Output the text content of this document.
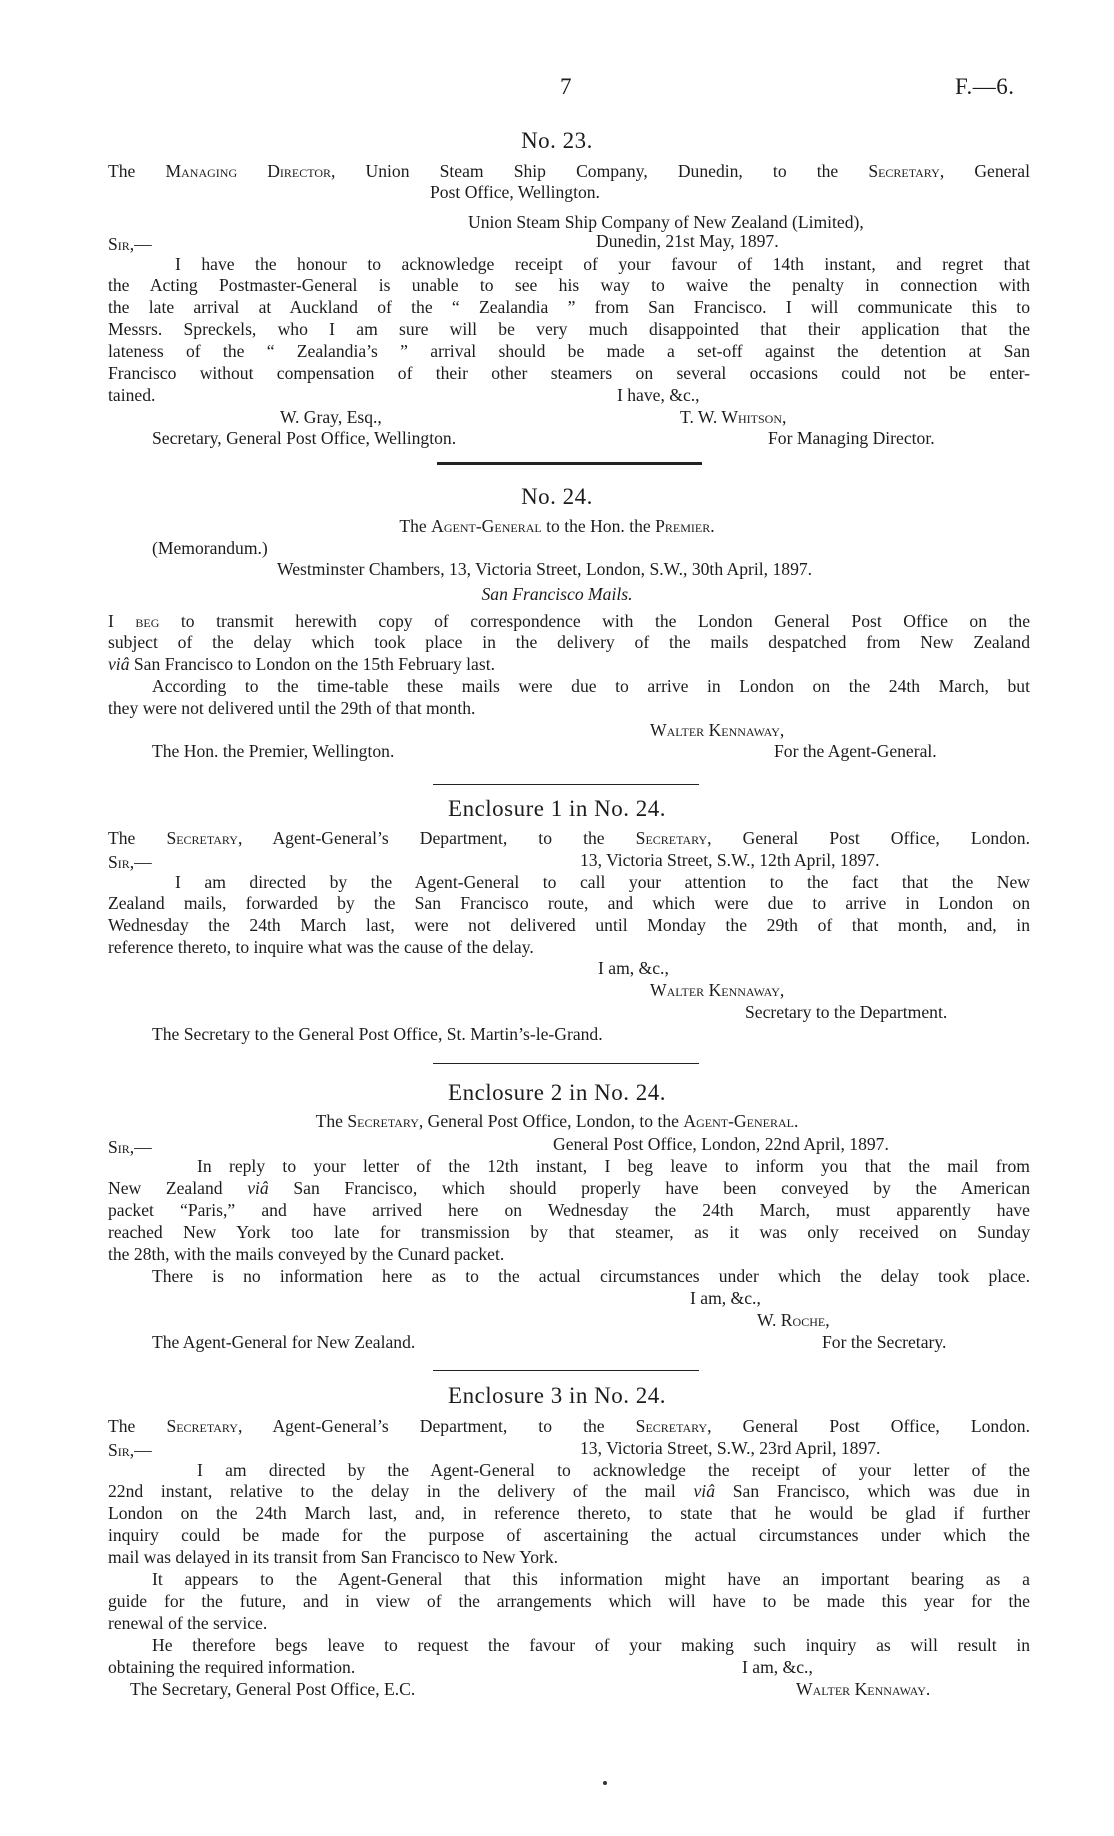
7	F.—6.
No. 23.
The Managing Director, Union Steam Ship Company, Dunedin, to the Secretary, General
Post Office, Wellington.
Union Steam Ship Company of New Zealand (Limited),
Sir,—	Dunedin, 21st May, 1897.
I have the honour to acknowledge receipt of your favour of 14th instant, and regret that
the Acting Postmaster-General is unable to see his way to waive the penalty in connection with
the late arrival at Auckland of the “ Zealandia ” from San Francisco. I will communicate this to
Messrs. Spreckels, who I am sure will be very much disappointed that their application that the
lateness of the “ Zealandia’s ” arrival should be made a set-off against the detention at San
Francisco without compensation of their other steamers on several occasions could not be enter-
tained.	I have, &c.,
W. Gray, Esq.,	T. W. Whitson,
Secretary, General Post Office, Wellington.	For Managing Director.
No. 24.
The Agent-General to the Hon. the Premier.
(Memorandum.)
Westminster Chambers, 13, Victoria Street, London, S.W., 30th April, 1897.
San Francisco Mails.
I beg to transmit herewith copy of correspondence with the London General Post Office on the
subject of the delay which took place in the delivery of the mails despatched from New Zealand
viâ San Francisco to London on the 15th February last.
According to the time-table these mails were due to arrive in London on the 24th March, but
they were not delivered until the 29th of that month.
Walter Kennaway,
The Hon. the Premier, Wellington.	For the Agent-General.
Enclosure 1 in No. 24.
The Secretary, Agent-General’s Department, to the Secretary, General Post Office, London.
Sir,—	13, Victoria Street, S.W., 12th April, 1897.
I am directed by the Agent-General to call your attention to the fact that the New
Zealand mails, forwarded by the San Francisco route, and which were due to arrive in London on
Wednesday the 24th March last, were not delivered until Monday the 29th of that month, and, in
reference thereto, to inquire what was the cause of the delay.
I am, &c.,
Walter Kennaway,
Secretary to the Department.
The Secretary to the General Post Office, St. Martin’s-le-Grand.
Enclosure 2 in No. 24.
The Secretary, General Post Office, London, to the Agent-General.
Sir,—	General Post Office, London, 22nd April, 1897.
In reply to your letter of the 12th instant, I beg leave to inform you that the mail from
New Zealand viâ San Francisco, which should properly have been conveyed by the American
packet “Paris,” and have arrived here on Wednesday the 24th March, must apparently have
reached New York too late for transmission by that steamer, as it was only received on Sunday
the 28th, with the mails conveyed by the Cunard packet.
There is no information here as to the actual circumstances under which the delay took place.
I am, &c.,
W. Roche,
The Agent-General for New Zealand.	For the Secretary.
Enclosure 3 in No. 24.
The Secretary, Agent-General’s Department, to the Secretary, General Post Office, London.
Sir,—	13, Victoria Street, S.W., 23rd April, 1897.
I am directed by the Agent-General to acknowledge the receipt of your letter of the
22nd instant, relative to the delay in the delivery of the mail viâ San Francisco, which was due in
London on the 24th March last, and, in reference thereto, to state that he would be glad if further
inquiry could be made for the purpose of ascertaining the actual circumstances under which the
mail was delayed in its transit from San Francisco to New York.
It appears to the Agent-General that this information might have an important bearing as a
guide for the future, and in view of the arrangements which will have to be made this year for the
renewal of the service.
He therefore begs leave to request the favour of your making such inquiry as will result in
obtaining the required information.	I am, &c.,
The Secretary, General Post Office, E.C.	Walter Kennaway.
